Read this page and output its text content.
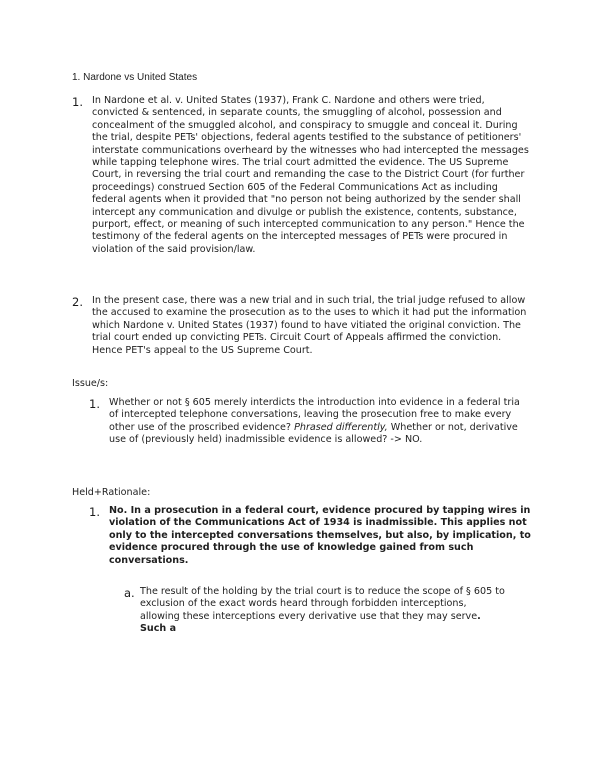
1. Nardone vs United States
1. In Nardone et al. v. United States (1937), Frank C. Nardone and others were tried, convicted & sentenced, in separate counts, the smuggling of alcohol, possession and concealment of the smuggled alcohol, and conspiracy to smuggle and conceal it. During the trial, despite PETs' objections, federal agents testified to the substance of petitioners' interstate communications overheard by the witnesses who had intercepted the messages while tapping telephone wires. The trial court admitted the evidence. The US Supreme Court, in reversing the trial court and remanding the case to the District Court (for further proceedings) construed Section 605 of the Federal Communications Act as including federal agents when it provided that "no person not being authorized by the sender shall intercept any communication and divulge or publish the existence, contents, substance, purport, effect, or meaning of such intercepted communication to any person." Hence the testimony of the federal agents on the intercepted messages of PETs were procured in violation of the said provision/law.
2. In the present case, there was a new trial and in such trial, the trial judge refused to allow the accused to examine the prosecution as to the uses to which it had put the information which Nardone v. United States (1937) found to have vitiated the original conviction. The trial court ended up convicting PETs. Circuit Court of Appeals affirmed the conviction. Hence PET's appeal to the US Supreme Court.
Issue/s:
1. Whether or not § 605 merely interdicts the introduction into evidence in a federal tria of intercepted telephone conversations, leaving the prosecution free to make every other use of the proscribed evidence? Phrased differently, Whether or not, derivative use of (previously held) inadmissible evidence is allowed? -> NO.
Held+Rationale:
1. No. In a prosecution in a federal court, evidence procured by tapping wires in violation of the Communications Act of 1934 is inadmissible. This applies not only to the intercepted conversations themselves, but also, by implication, to evidence procured through the use of knowledge gained from such conversations.
a. The result of the holding by the trial court is to reduce the scope of § 605 to exclusion of the exact words heard through forbidden interceptions, allowing these interceptions every derivative use that they may serve. Such a
